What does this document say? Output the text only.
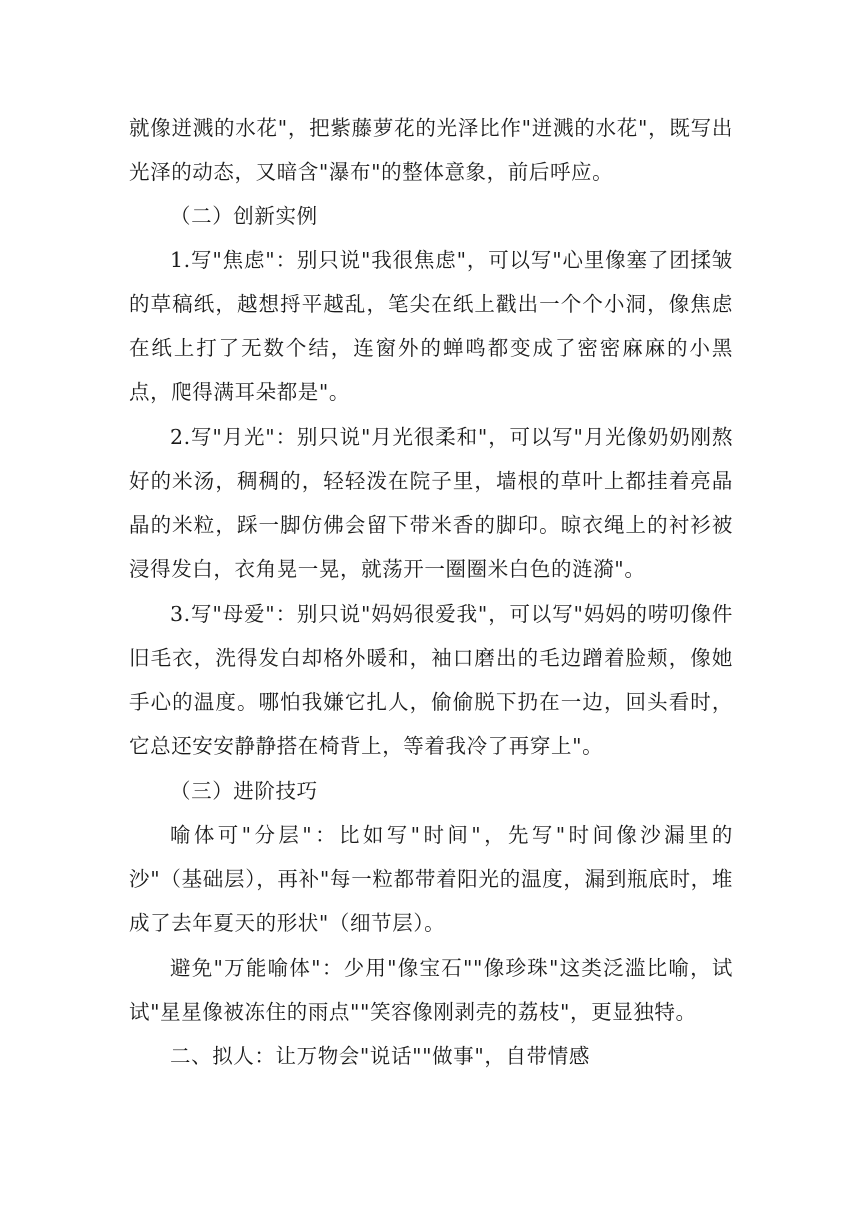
就像迸溅的水花"，把紫藤萝花的光泽比作"迸溅的水花"，既写出光泽的动态，又暗含"瀑布"的整体意象，前后呼应。

（二）创新实例

1.写"焦虑"：别只说"我很焦虑"，可以写"心里像塞了团揉皱的草稿纸，越想捋平越乱，笔尖在纸上戳出一个个小洞，像焦虑在纸上打了无数个结，连窗外的蝉鸣都变成了密密麻麻的小黑点，爬得满耳朵都是"。

2.写"月光"：别只说"月光很柔和"，可以写"月光像奶奶刚熬好的米汤，稠稠的，轻轻泼在院子里，墙根的草叶上都挂着亮晶晶的米粒，踩一脚仿佛会留下带米香的脚印。晾衣绳上的衬衫被浸得发白，衣角晃一晃，就荡开一圈圈米白色的涟漪"。

3.写"母爱"：别只说"妈妈很爱我"，可以写"妈妈的唠叨像件旧毛衣，洗得发白却格外暖和，袖口磨出的毛边蹭着脸颊，像她手心的温度。哪怕我嫌它扎人，偷偷脱下扔在一边，回头看时，它总还安安静静搭在椅背上，等着我冷了再穿上"。

（三）进阶技巧

喻体可"分层"：比如写"时间"，先写"时间像沙漏里的沙"（基础层），再补"每一粒都带着阳光的温度，漏到瓶底时，堆成了去年夏天的形状"（细节层）。

避免"万能喻体"：少用"像宝石""像珍珠"这类泛滥比喻，试试"星星像被冻住的雨点""笑容像刚剥壳的荔枝"，更显独特。

二、拟人：让万物会"说话""做事"，自带情感
